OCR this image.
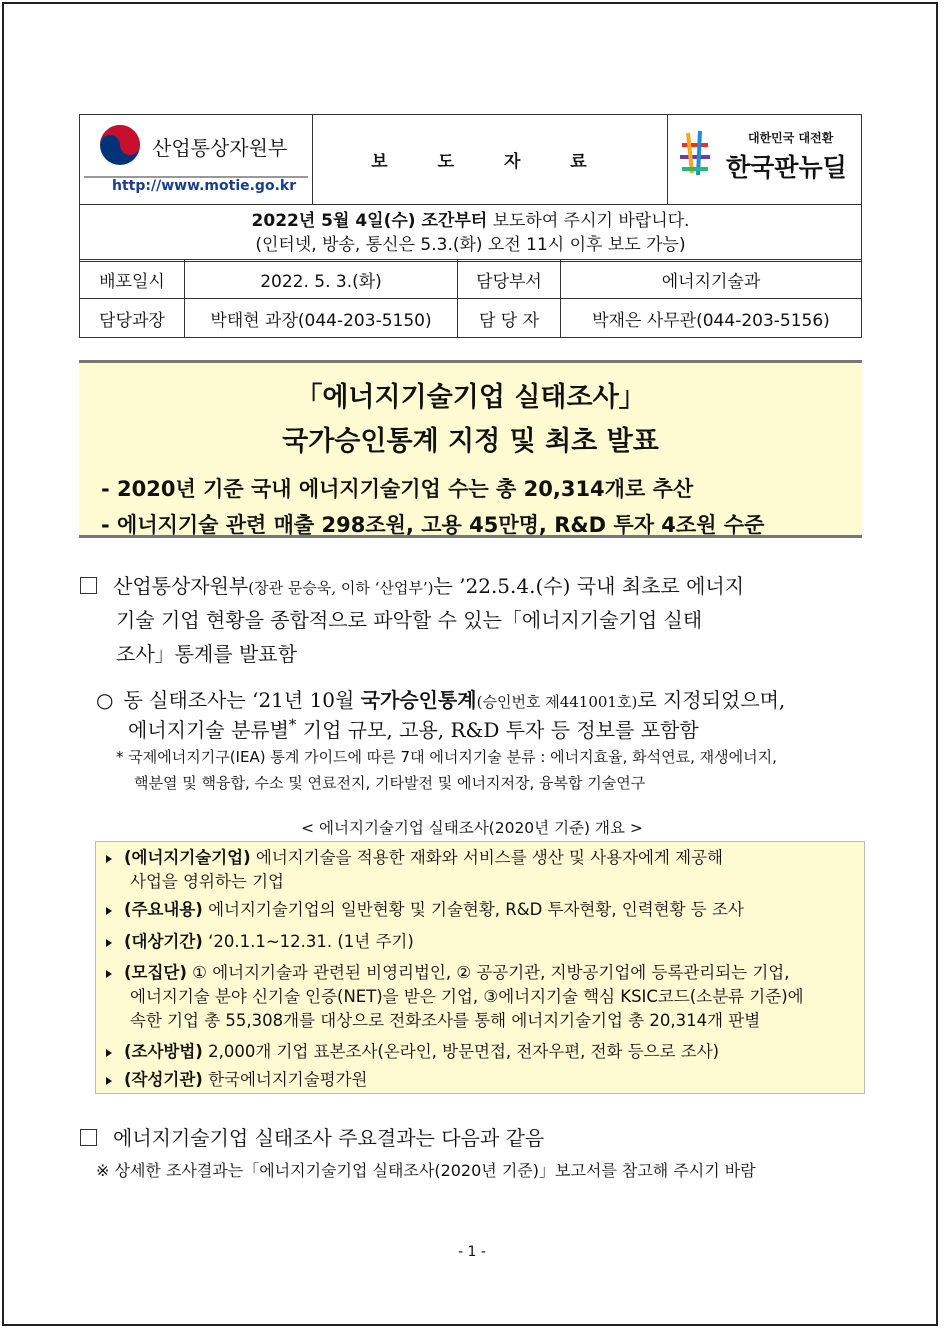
산업통상자원부
http://www.motie.go.kr
	보 도 자 료	
대한민국 대전환
한국판뉴딜

2022년 5월 4일(수) 조간부터 보도하여 주시기 바랍니다.
(인터넷, 방송, 통신은 5.3.(화) 오전 11시 이후 보도 가능)
배포일시	2022. 5. 3.(화)	담당부서	에너지기술과
담당과장	박태현 과장(044-203-5150)	담 당 자	박재은 사무관(044-203-5156)
「에너지기술기업 실태조사」
국가승인통계 지정 및 최초 발표
- 2020년 기준 국내 에너지기술기업 수는 총 20,314개로 추산
- 에너지기술 관련 매출 298조원, 고용 45만명, R&D 투자 4조원 수준
산업통상자원부(장관 문승욱, 이하 ‘산업부’)는 ’22.5.4.(수) 국내 최초로 에너지
기술 기업 현황을 종합적으로 파악할 수 있는「에너지기술기업 실태
조사」통계를 발표함
○ 동 실태조사는 ‘21년 10월 국가승인통계(승인번호 제441001호)로 지정되었으며,
에너지기술 분류별* 기업 규모, 고용, R&D 투자 등 정보를 포함함
* 국제에너지기구(IEA) 통계 가이드에 따른 7대 에너지기술 분류 : 에너지효율, 화석연료, 재생에너지,
핵분열 및 핵융합, 수소 및 연료전지, 기타발전 및 에너지저장, 융복합 기술연구
< 에너지기술기업 실태조사(2020년 기준) 개요 >
(에너지기술기업) 에너지기술을 적용한 재화와 서비스를 생산 및 사용자에게 제공해
사업을 영위하는 기업
(주요내용) 에너지기술기업의 일반현황 및 기술현황, R&D 투자현황, 인력현황 등 조사
(대상기간) ‘20.1.1~12.31. (1년 주기)
(모집단) ① 에너지기술과 관련된 비영리법인, ② 공공기관, 지방공기업에 등록관리되는 기업,
에너지기술 분야 신기술 인증(NET)을 받은 기업, ③에너지기술 핵심 KSIC코드(소분류 기준)에
속한 기업 총 55,308개를 대상으로 전화조사를 통해 에너지기술기업 총 20,314개 판별
(조사방법) 2,000개 기업 표본조사(온라인, 방문면접, 전자우편, 전화 등으로 조사)
(작성기관) 한국에너지기술평가원
에너지기술기업 실태조사 주요결과는 다음과 같음
※ 상세한 조사결과는「에너지기술기업 실태조사(2020년 기준)」보고서를 참고해 주시기 바람
- 1 -
